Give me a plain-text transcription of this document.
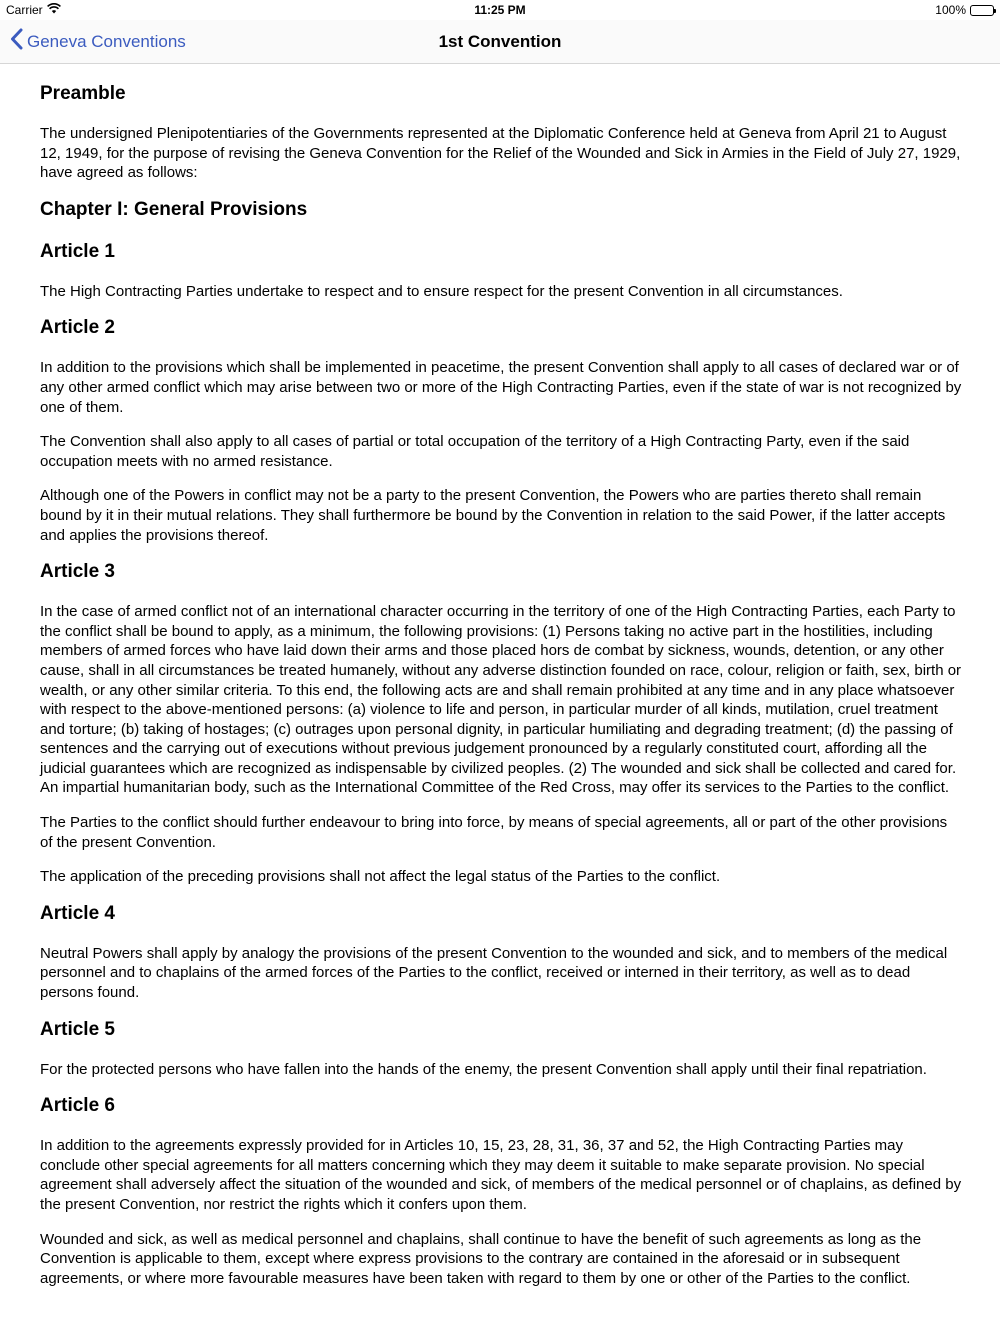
Carrier	11:25 PM	100%
Geneva Conventions	1st Convention
Preamble

The undersigned Plenipotentiaries of the Governments represented at the Diplomatic Conference held at Geneva from April 21 to August 12, 1949, for the purpose of revising the Geneva Convention for the Relief of the Wounded and Sick in Armies in the Field of July 27, 1929, have agreed as follows:

Chapter I: General Provisions
Article 1

The High Contracting Parties undertake to respect and to ensure respect for the present Convention in all circumstances.

Article 2

In addition to the provisions which shall be implemented in peacetime, the present Convention shall apply to all cases of declared war or of any other armed conflict which may arise between two or more of the High Contracting Parties, even if the state of war is not recognized by one of them.

The Convention shall also apply to all cases of partial or total occupation of the territory of a High Contracting Party, even if the said occupation meets with no armed resistance.

Although one of the Powers in conflict may not be a party to the present Convention, the Powers who are parties thereto shall remain bound by it in their mutual relations. They shall furthermore be bound by the Convention in relation to the said Power, if the latter accepts and applies the provisions thereof.

Article 3

In the case of armed conflict not of an international character occurring in the territory of one of the High Contracting Parties, each Party to the conflict shall be bound to apply, as a minimum, the following provisions: (1) Persons taking no active part in the hostilities, including members of armed forces who have laid down their arms and those placed hors de combat by sickness, wounds, detention, or any other cause, shall in all circumstances be treated humanely, without any adverse distinction founded on race, colour, religion or faith, sex, birth or wealth, or any other similar criteria. To this end, the following acts are and shall remain prohibited at any time and in any place whatsoever with respect to the above-mentioned persons: (a) violence to life and person, in particular murder of all kinds, mutilation, cruel treatment and torture; (b) taking of hostages; (c) outrages upon personal dignity, in particular humiliating and degrading treatment; (d) the passing of sentences and the carrying out of executions without previous judgement pronounced by a regularly constituted court, affording all the judicial guarantees which are recognized as indispensable by civilized peoples. (2) The wounded and sick shall be collected and cared for. An impartial humanitarian body, such as the International Committee of the Red Cross, may offer its services to the Parties to the conflict.

The Parties to the conflict should further endeavour to bring into force, by means of special agreements, all or part of the other provisions of the present Convention.

The application of the preceding provisions shall not affect the legal status of the Parties to the conflict.

Article 4

Neutral Powers shall apply by analogy the provisions of the present Convention to the wounded and sick, and to members of the medical personnel and to chaplains of the armed forces of the Parties to the conflict, received or interned in their territory, as well as to dead persons found.

Article 5

For the protected persons who have fallen into the hands of the enemy, the present Convention shall apply until their final repatriation.

Article 6

In addition to the agreements expressly provided for in Articles 10, 15, 23, 28, 31, 36, 37 and 52, the High Contracting Parties may conclude other special agreements for all matters concerning which they may deem it suitable to make separate provision. No special agreement shall adversely affect the situation of the wounded and sick, of members of the medical personnel or of chaplains, as defined by the present Convention, nor restrict the rights which it confers upon them.

Wounded and sick, as well as medical personnel and chaplains, shall continue to have the benefit of such agreements as long as the Convention is applicable to them, except where express provisions to the contrary are contained in the aforesaid or in subsequent agreements, or where more favourable measures have been taken with regard to them by one or other of the Parties to the conflict.
